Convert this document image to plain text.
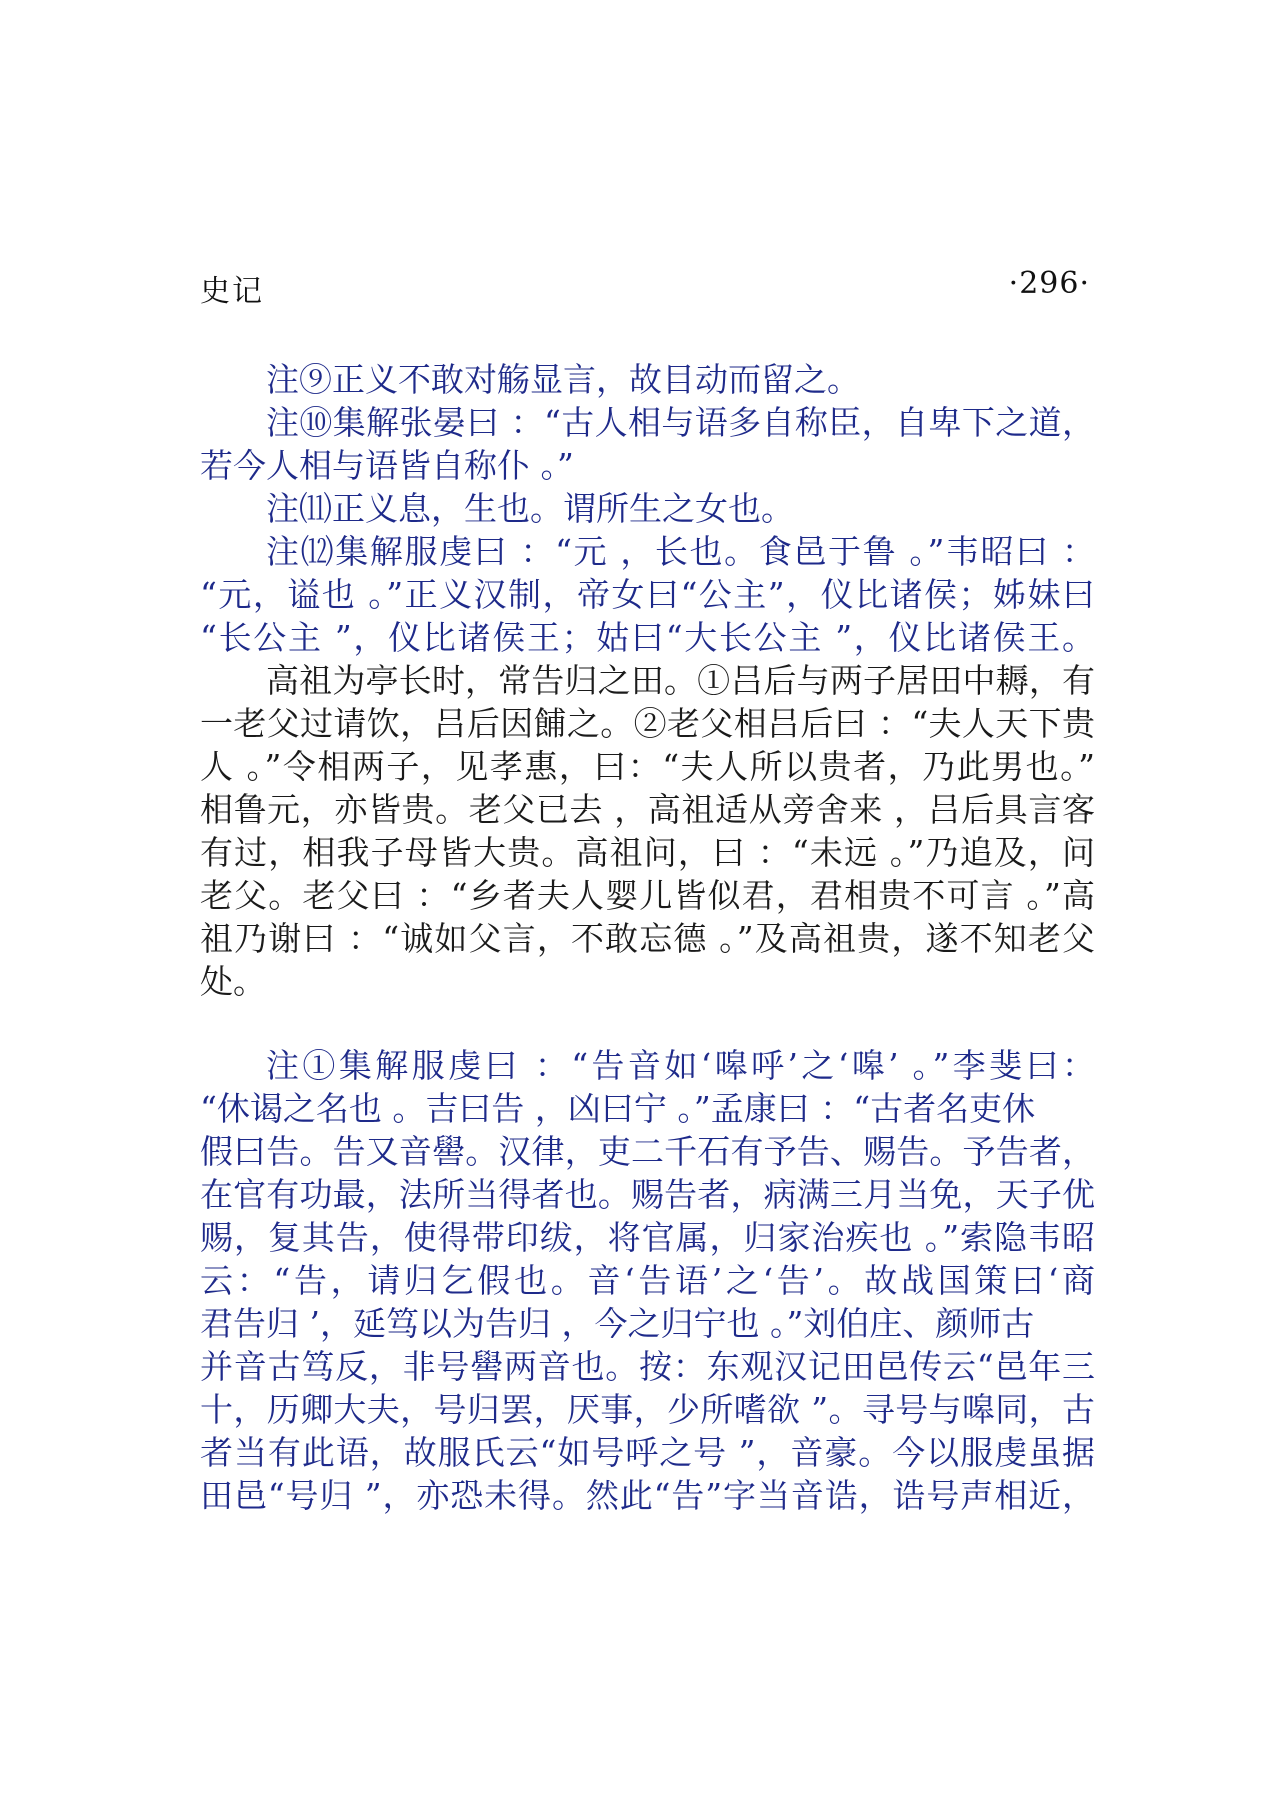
史记	·296·
注⑨正义不敢对觞显言，故目动而留之。
注⑩集解张晏曰 ：“古人相与语多自称臣，自卑下之道，
若今人相与语皆自称仆 。”
注⑾正义息，生也。谓所生之女也。
注⑿集解服虔曰 ：“元 ，长也。食邑于鲁 。”韦昭曰 ：
“元，谥也 。”正义汉制，帝女曰“公主”，仪比诸侯；姊妹曰
“长公主 ”，仪比诸侯王；姑曰“大长公主 ”，仪比诸侯王。
高祖为亭长时，常告归之田。①吕后与两子居田中耨，有
一老父过请饮，吕后因餔之。②老父相吕后曰 ：“夫人天下贵
人 。”令相两子，见孝惠，曰：“夫人所以贵者，乃此男也。”
相鲁元，亦皆贵。老父已去 ，高祖适从旁舍来 ，吕后具言客
有过，相我子母皆大贵。高祖问，曰 ：“未远 。”乃追及，问
老父。老父曰 ：“乡者夫人婴儿皆似君，君相贵不可言 。”高
祖乃谢曰 ：“诚如父言，不敢忘德 。”及高祖贵，遂不知老父
处。
注①集解服虔曰 ：“告音如‘嗥呼’之‘嗥’ 。”李斐曰：
“休谒之名也 。吉曰告 ，凶曰宁 。”孟康曰 ：“古者名吏休
假曰告。告又音嚳。汉律，吏二千石有予告、赐告。予告者，
在官有功最，法所当得者也。赐告者，病满三月当免，天子优
赐，复其告，使得带印绂，将官属，归家治疾也 。”索隐韦昭
云：“告，请归乞假也。音‘告语’之‘告’。故战国策曰‘商
君告归 ’，延笃以为告归 ，今之归宁也 。”刘伯庄、颜师古
并音古笃反，非号嚳两音也。按：东观汉记田邑传云“邑年三
十，历卿大夫，号归罢，厌事，少所嗜欲 ”。寻号与嗥同，古
者当有此语，故服氏云“如号呼之号 ”，音豪。今以服虔虽据
田邑“号归 ”，亦恐未得。然此“告”字当音诰，诰号声相近，
